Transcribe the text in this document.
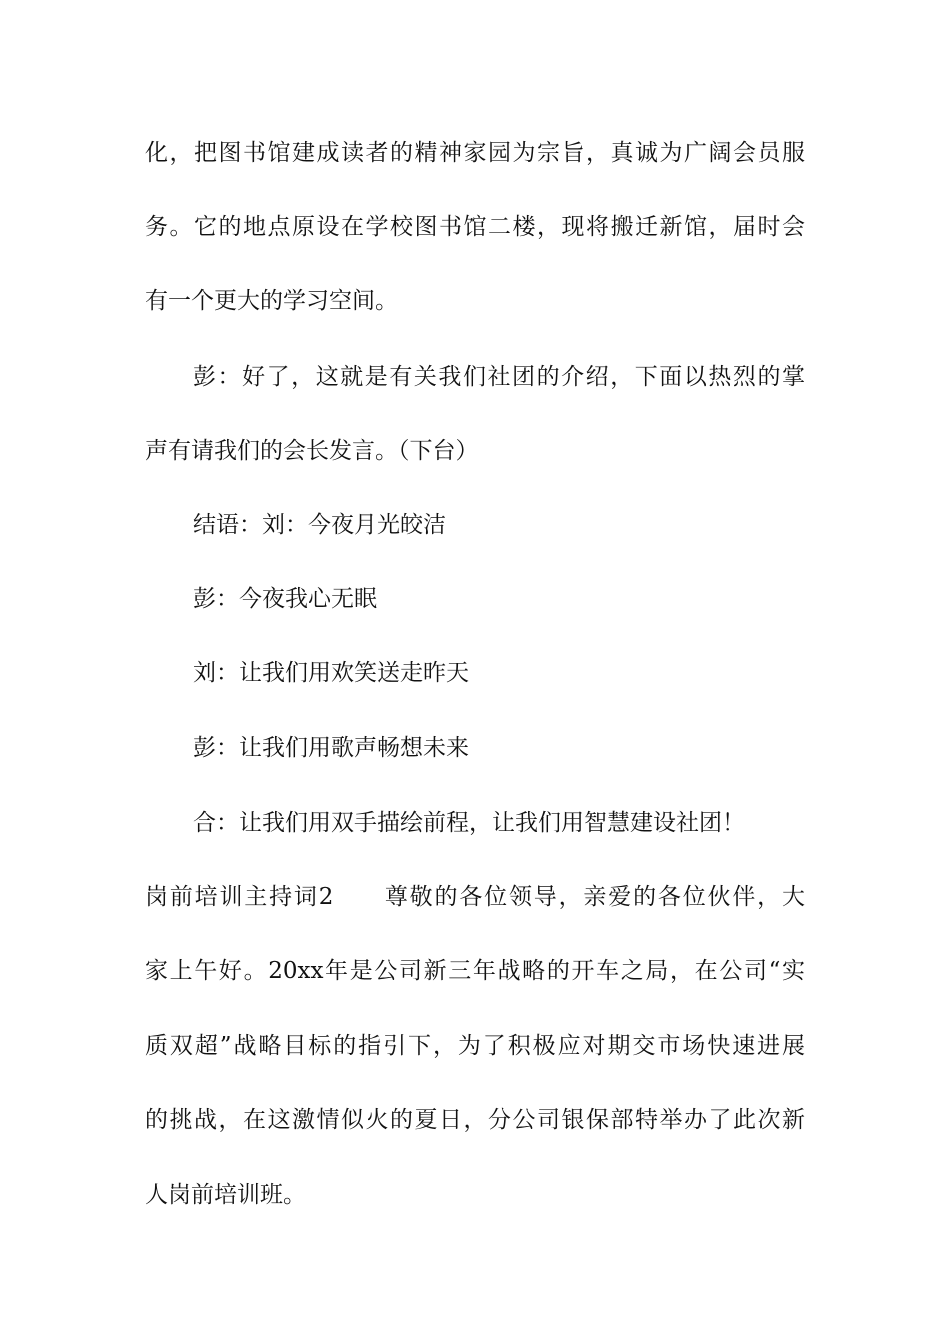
化，把图书馆建成读者的精神家园为宗旨，真诚为广阔会员服
务。它的地点原设在学校图书馆二楼，现将搬迁新馆，届时会
有一个更大的学习空间。
彭：好了，这就是有关我们社团的介绍，下面以热烈的掌
声有请我们的会长发言。（下台）
结语：刘：今夜月光皎洁
彭：今夜我心无眠
刘：让我们用欢笑送走昨天
彭：让我们用歌声畅想未来
合：让我们用双手描绘前程，让我们用智慧建设社团！
岗前培训主持词2　　尊敬的各位领导，亲爱的各位伙伴，大
家上午好。20xx年是公司新三年战略的开车之局，在公司“实
质双超”战略目标的指引下，为了积极应对期交市场快速进展
的挑战，在这激情似火的夏日，分公司银保部特举办了此次新
人岗前培训班。
